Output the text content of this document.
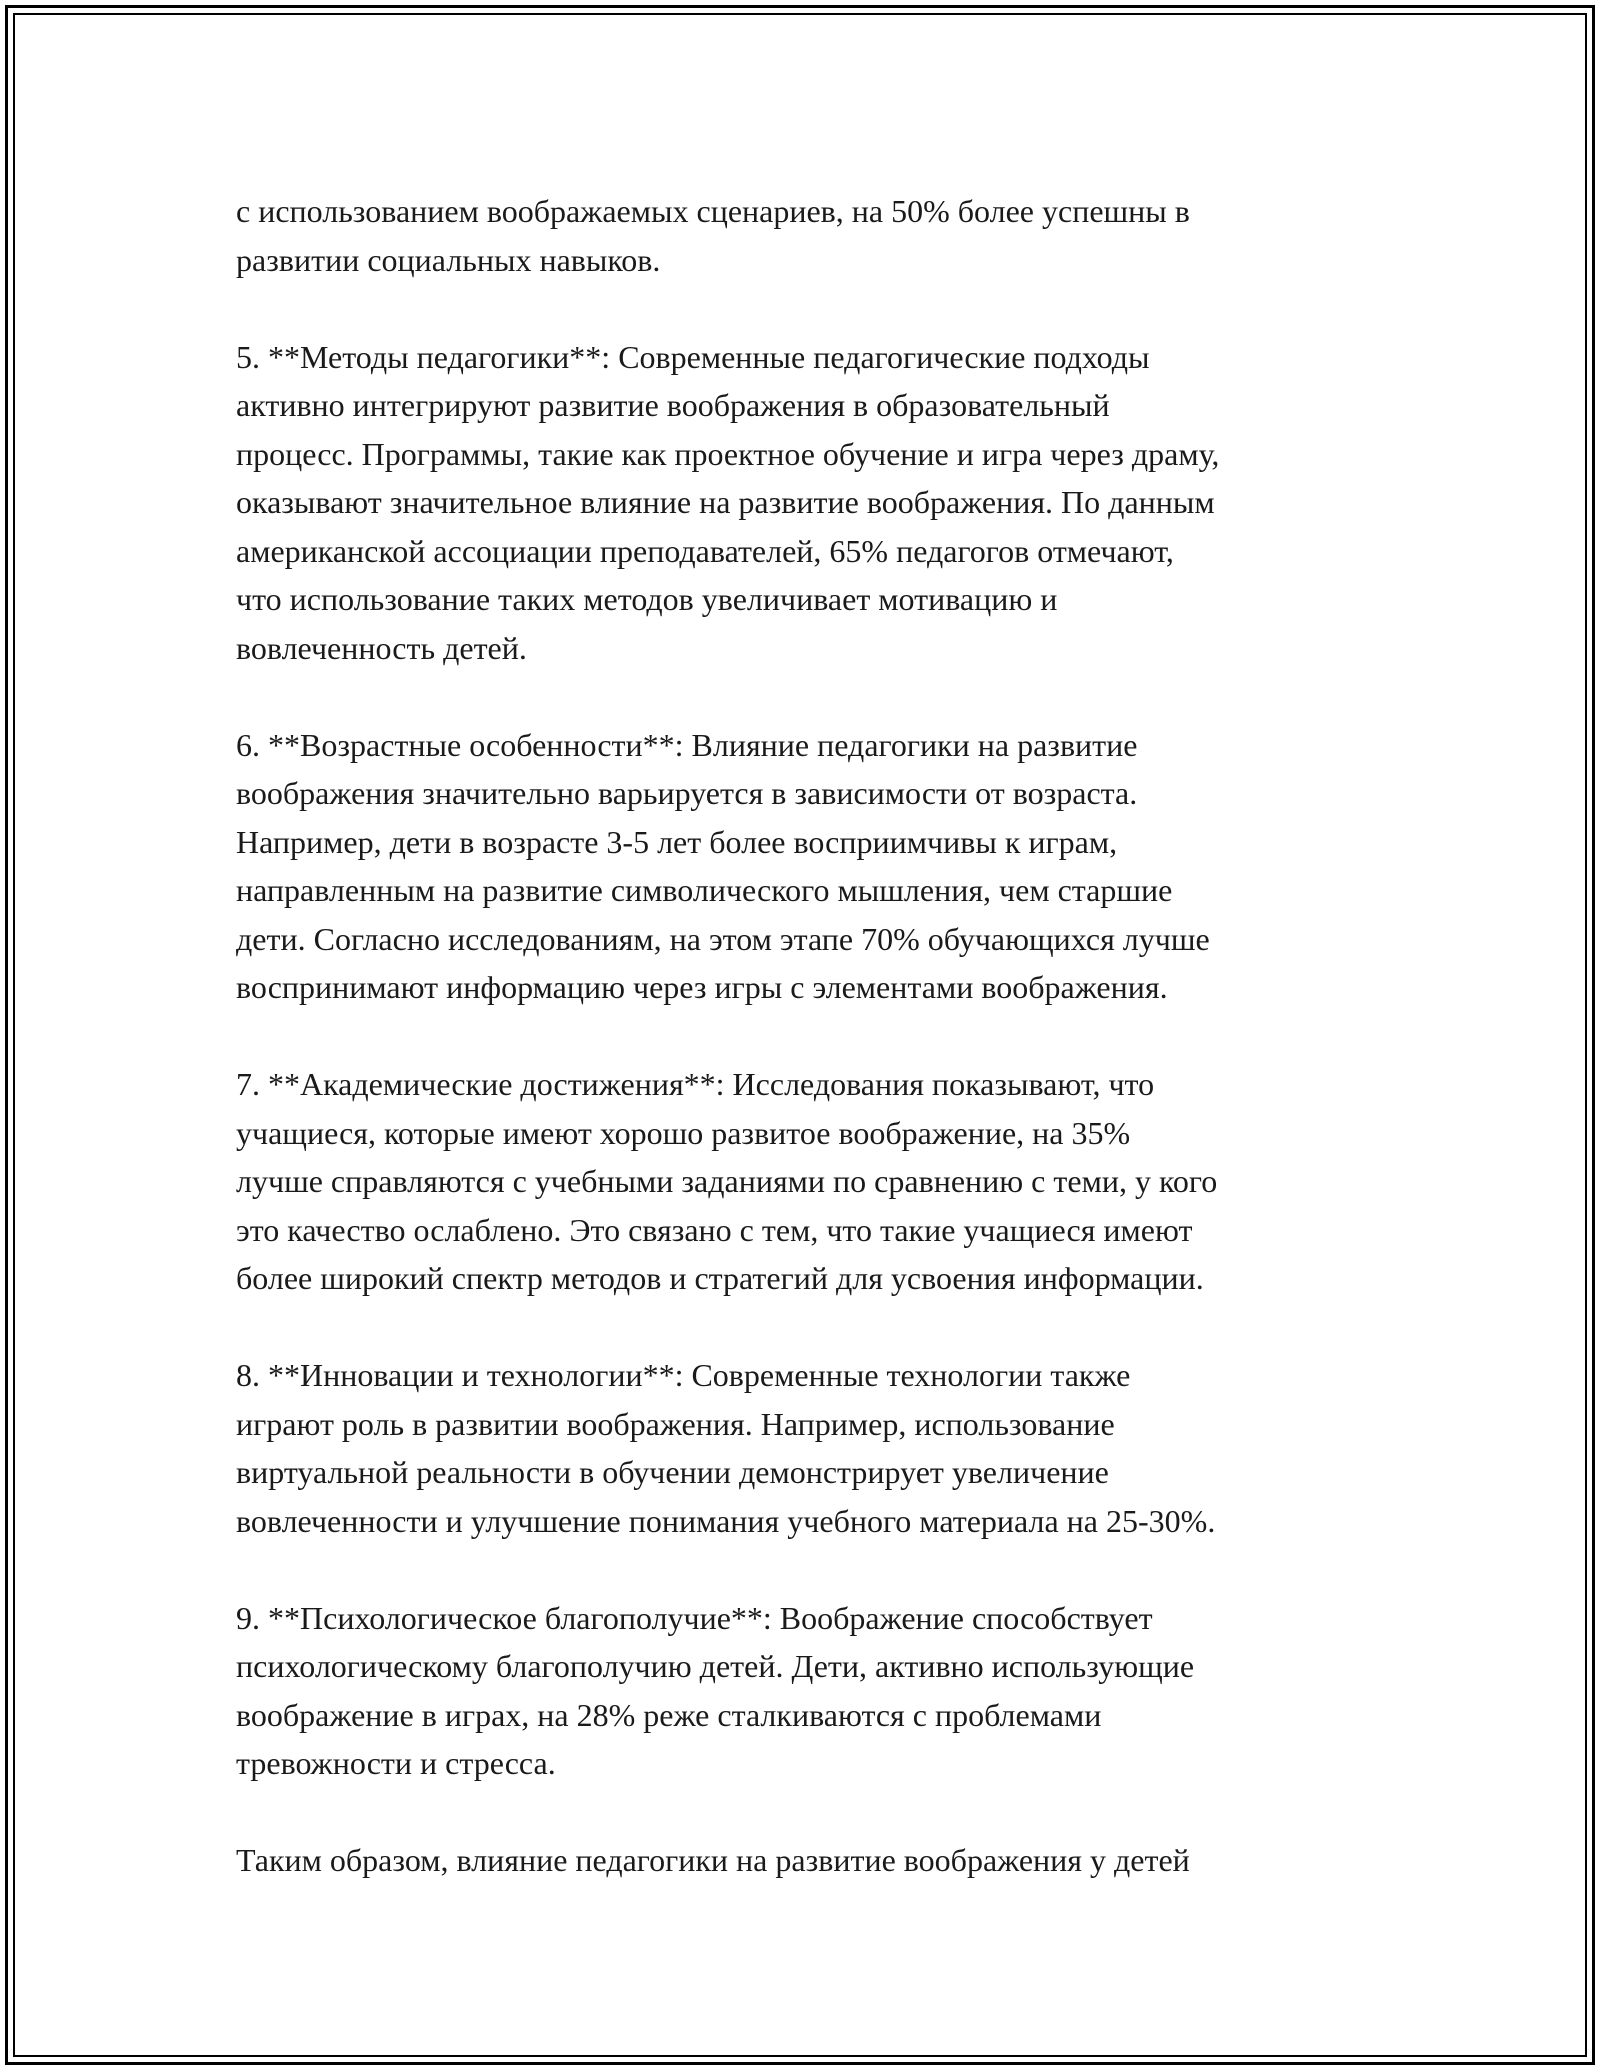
с использованием воображаемых сценариев, на 50% более успешны в
развитии социальных навыков.

5. **Методы педагогики**: Современные педагогические подходы
активно интегрируют развитие воображения в образовательный
процесс. Программы, такие как проектное обучение и игра через драму,
оказывают значительное влияние на развитие воображения. По данным
американской ассоциации преподавателей, 65% педагогов отмечают,
что использование таких методов увеличивает мотивацию и
вовлеченность детей.

6. **Возрастные особенности**: Влияние педагогики на развитие
воображения значительно варьируется в зависимости от возраста.
Например, дети в возрасте 3-5 лет более восприимчивы к играм,
направленным на развитие символического мышления, чем старшие
дети. Согласно исследованиям, на этом этапе 70% обучающихся лучше
воспринимают информацию через игры с элементами воображения.

7. **Академические достижения**: Исследования показывают, что
учащиеся, которые имеют хорошо развитое воображение, на 35%
лучше справляются с учебными заданиями по сравнению с теми, у кого
это качество ослаблено. Это связано с тем, что такие учащиеся имеют
более широкий спектр методов и стратегий для усвоения информации.

8. **Инновации и технологии**: Современные технологии также
играют роль в развитии воображения. Например, использование
виртуальной реальности в обучении демонстрирует увеличение
вовлеченности и улучшение понимания учебного материала на 25-30%.

9. **Психологическое благополучие**: Воображение способствует
психологическому благополучию детей. Дети, активно использующие
воображение в играх, на 28% реже сталкиваются с проблемами
тревожности и стресса.

Таким образом, влияние педагогики на развитие воображения у детей
